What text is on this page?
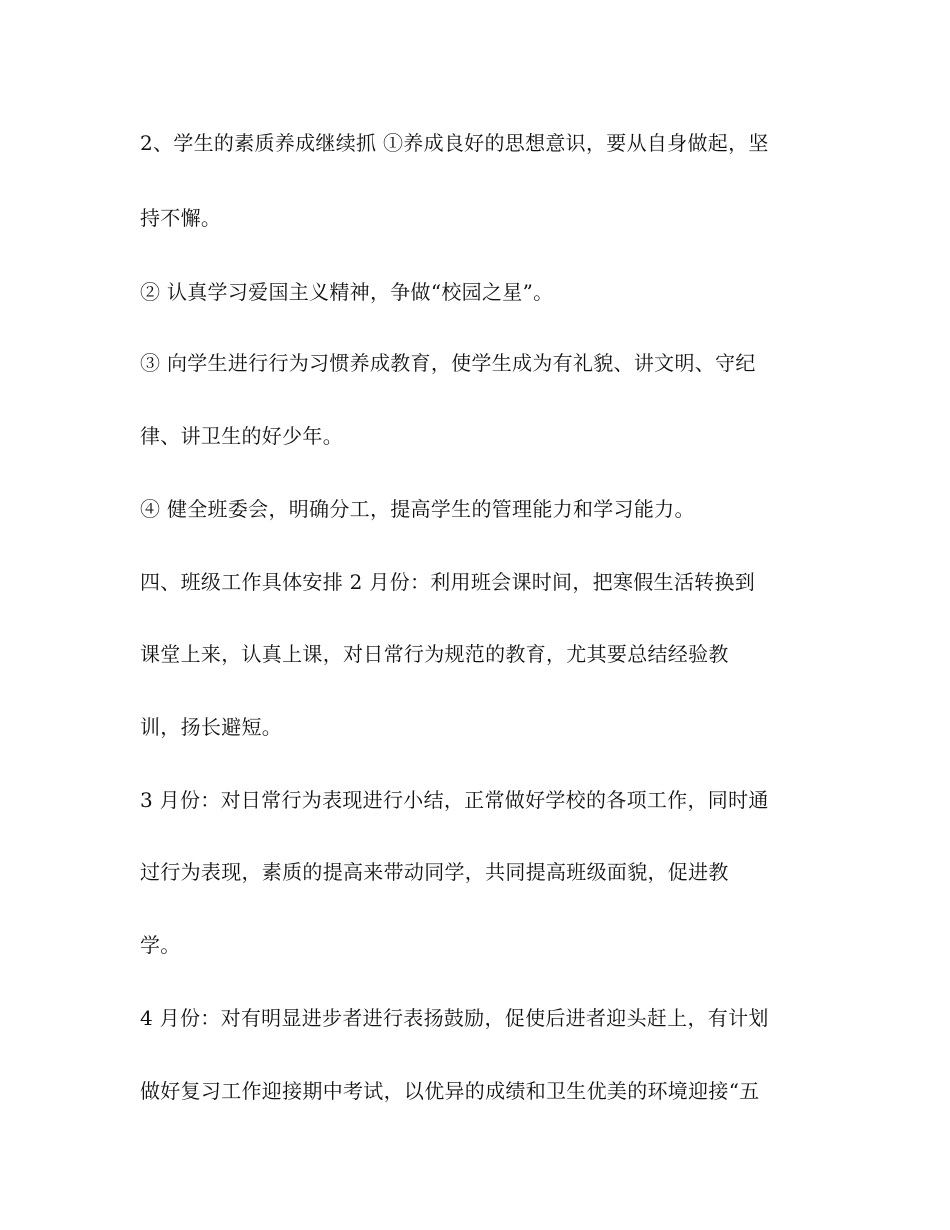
2、学生的素质养成继续抓 ①养成良好的思想意识，要从自身做起，坚
持不懈。
② 认真学习爱国主义精神，争做“校园之星”。
③ 向学生进行行为习惯养成教育，使学生成为有礼貌、讲文明、守纪
律、讲卫生的好少年。
④ 健全班委会，明确分工，提高学生的管理能力和学习能力。
四、班级工作具体安排 2 月份：利用班会课时间，把寒假生活转换到
课堂上来，认真上课，对日常行为规范的教育，尤其要总结经验教
训，扬长避短。
3 月份：对日常行为表现进行小结，正常做好学校的各项工作，同时通
过行为表现，素质的提高来带动同学，共同提高班级面貌，促进教
学。
4 月份：对有明显进步者进行表扬鼓励，促使后进者迎头赶上，有计划
做好复习工作迎接期中考试，以优异的成绩和卫生优美的环境迎接“五
